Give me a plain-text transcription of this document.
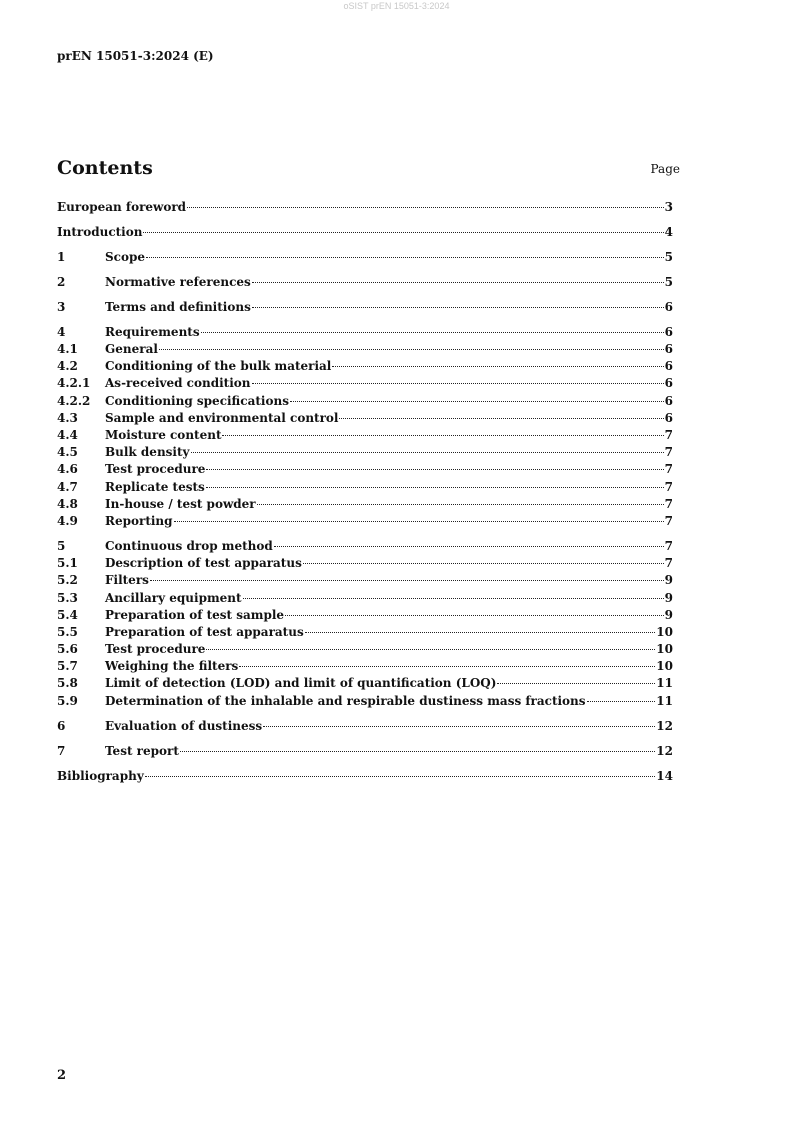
oSIST prEN 15051-3:2024
prEN 15051-3:2024 (E)
Contents	Page
European foreword	3
Introduction	4
1	Scope	5
2	Normative references	5
3	Terms and definitions	6
4	Requirements	6
4.1	General	6
4.2	Conditioning of the bulk material	6
4.2.1	As-received condition	6
4.2.2	Conditioning specifications	6
4.3	Sample and environmental control	6
4.4	Moisture content	7
4.5	Bulk density	7
4.6	Test procedure	7
4.7	Replicate tests	7
4.8	In-house / test powder	7
4.9	Reporting	7
5	Continuous drop method	7
5.1	Description of test apparatus	7
5.2	Filters	9
5.3	Ancillary equipment	9
5.4	Preparation of test sample	9
5.5	Preparation of test apparatus	10
5.6	Test procedure	10
5.7	Weighing the filters	10
5.8	Limit of detection (LOD) and limit of quantification (LOQ)	11
5.9	Determination of the inhalable and respirable dustiness mass fractions	11
6	Evaluation of dustiness	12
7	Test report	12
Bibliography	14
2
